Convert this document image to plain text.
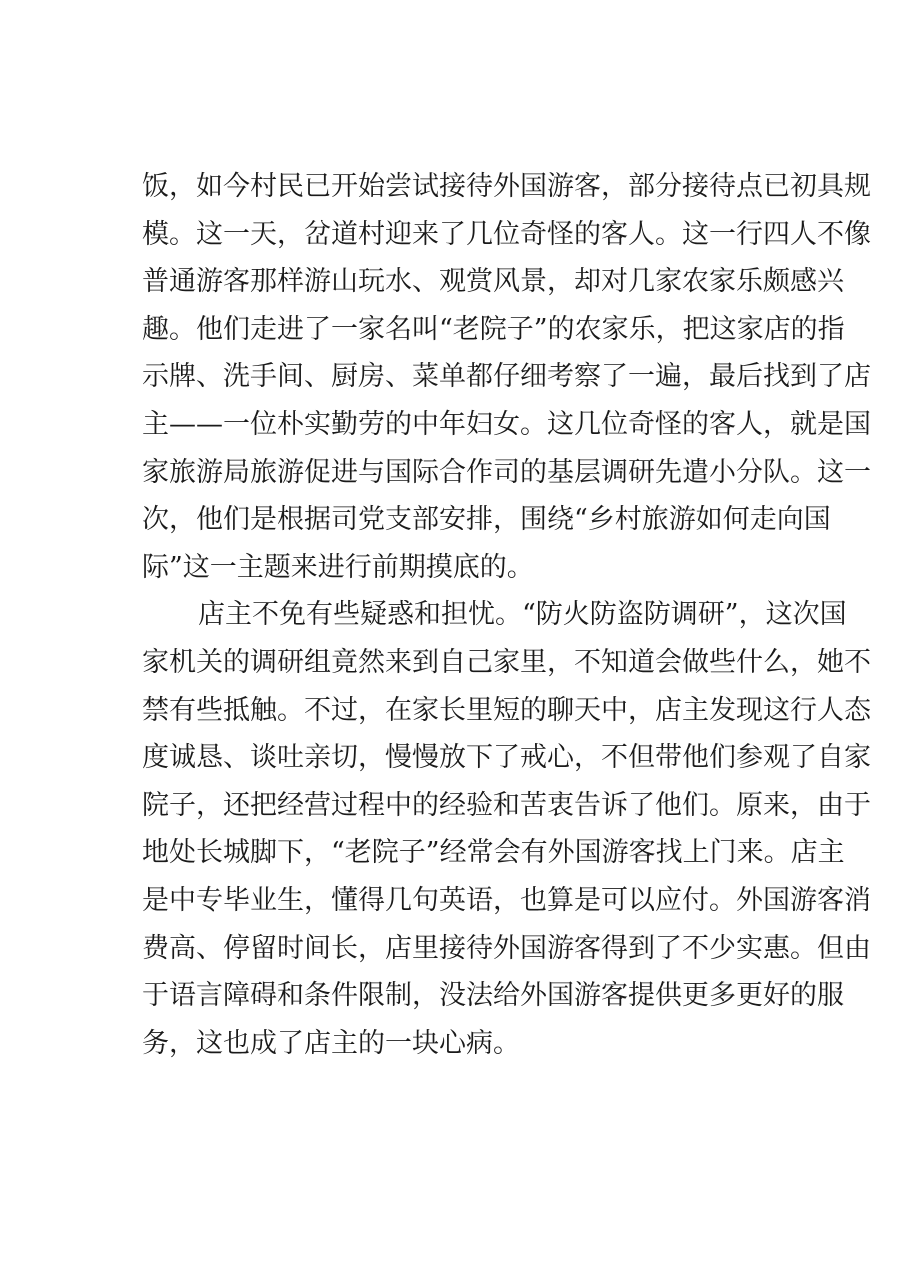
饭，如今村民已开始尝试接待外国游客，部分接待点已初具规
模。这一天，岔道村迎来了几位奇怪的客人。这一行四人不像
普通游客那样游山玩水、观赏风景，却对几家农家乐颇感兴
趣。他们走进了一家名叫“老院子”的农家乐，把这家店的指
示牌、洗手间、厨房、菜单都仔细考察了一遍，最后找到了店
主——一位朴实勤劳的中年妇女。这几位奇怪的客人，就是国
家旅游局旅游促进与国际合作司的基层调研先遣小分队。这一
次，他们是根据司党支部安排，围绕“乡村旅游如何走向国
际”这一主题来进行前期摸底的。
店主不免有些疑惑和担忧。“防火防盗防调研”，这次国
家机关的调研组竟然来到自己家里，不知道会做些什么，她不
禁有些抵触。不过，在家长里短的聊天中，店主发现这行人态
度诚恳、谈吐亲切，慢慢放下了戒心，不但带他们参观了自家
院子，还把经营过程中的经验和苦衷告诉了他们。原来，由于
地处长城脚下，“老院子”经常会有外国游客找上门来。店主
是中专毕业生，懂得几句英语，也算是可以应付。外国游客消
费高、停留时间长，店里接待外国游客得到了不少实惠。但由
于语言障碍和条件限制，没法给外国游客提供更多更好的服
务，这也成了店主的一块心病。
